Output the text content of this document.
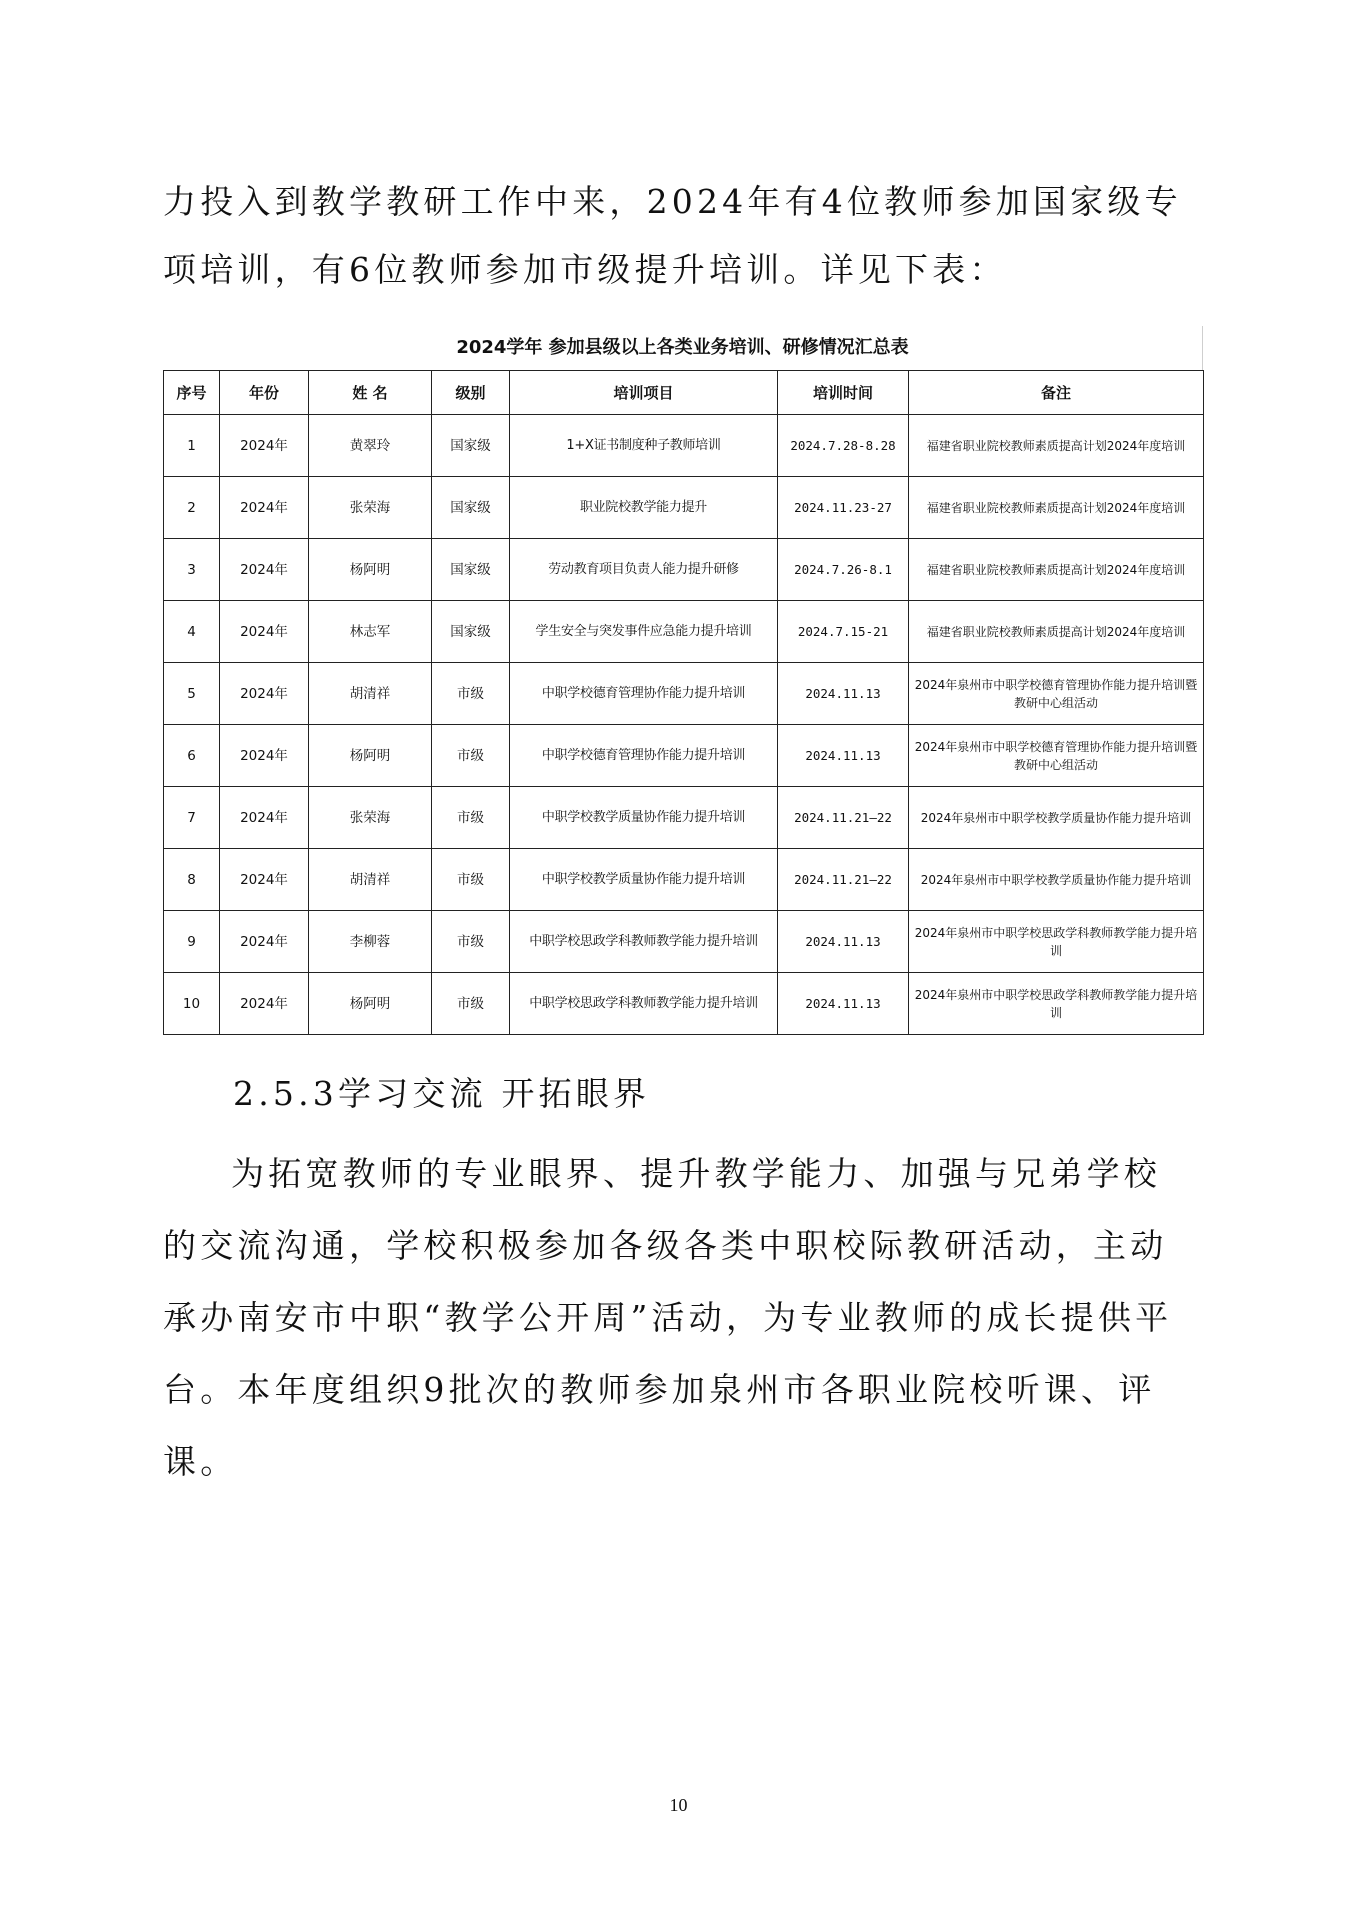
力投入到教学教研工作中来，2024年有4位教师参加国家级专项培训，有6位教师参加市级提升培训。详见下表：

2024学年 参加县级以上各类业务培训、研修情况汇总表
序号	年份	姓 名	级别	培训项目	培训时间	备注
1	2024年	黄翠玲	国家级	1+X证书制度种子教师培训	2024.7.28-8.28	福建省职业院校教师素质提高计划2024年度培训
2	2024年	张荣海	国家级	职业院校教学能力提升	2024.11.23-27	福建省职业院校教师素质提高计划2024年度培训
3	2024年	杨阿明	国家级	劳动教育项目负责人能力提升研修	2024.7.26-8.1	福建省职业院校教师素质提高计划2024年度培训
4	2024年	林志军	国家级	学生安全与突发事件应急能力提升培训	2024.7.15-21	福建省职业院校教师素质提高计划2024年度培训
5	2024年	胡清祥	市级	中职学校德育管理协作能力提升培训	2024.11.13	2024年泉州市中职学校德育管理协作能力提升培训暨教研中心组活动
6	2024年	杨阿明	市级	中职学校德育管理协作能力提升培训	2024.11.13	2024年泉州市中职学校德育管理协作能力提升培训暨教研中心组活动
7	2024年	张荣海	市级	中职学校教学质量协作能力提升培训	2024.11.21—22	2024年泉州市中职学校教学质量协作能力提升培训
8	2024年	胡清祥	市级	中职学校教学质量协作能力提升培训	2024.11.21—22	2024年泉州市中职学校教学质量协作能力提升培训
9	2024年	李柳蓉	市级	中职学校思政学科教师教学能力提升培训	2024.11.13	2024年泉州市中职学校思政学科教师教学能力提升培训
10	2024年	杨阿明	市级	中职学校思政学科教师教学能力提升培训	2024.11.13	2024年泉州市中职学校思政学科教师教学能力提升培训
2.5.3学习交流 开拓眼界

为拓宽教师的专业眼界、提升教学能力、加强与兄弟学校的交流沟通，学校积极参加各级各类中职校际教研活动，主动承办南安市中职“教学公开周”活动，为专业教师的成长提供平台。本年度组织9批次的教师参加泉州市各职业院校听课、评课。

10
